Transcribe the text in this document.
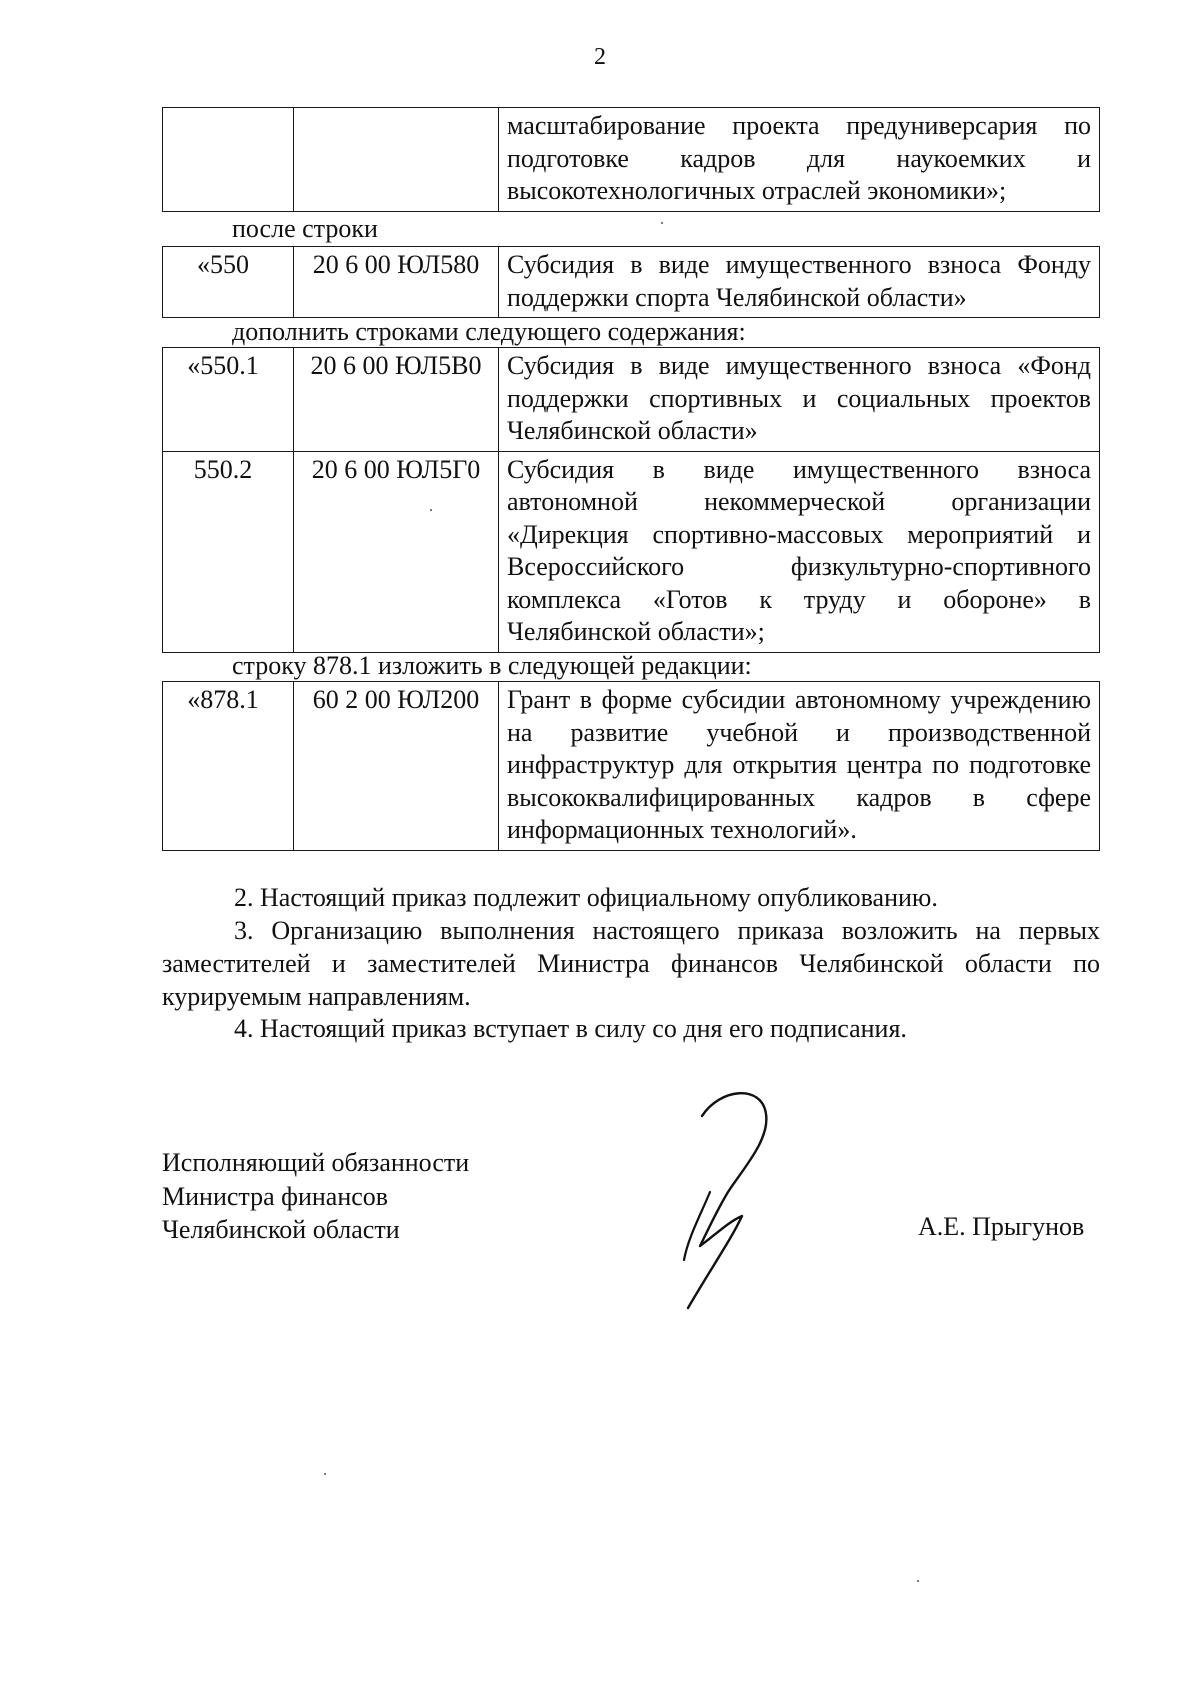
2
		масштабирование проекта предуниверсария по подготовке кадров для наукоемких и
высокотехнологичных отраслей экономики»;
после строки
«550	20 6 00 ЮЛ580	Субсидия в виде имущественного взноса Фонду
поддержки спорта Челябинской области»
дополнить строками следующего содержания:
«550.1	20 6 00 ЮЛ5В0	Субсидия в виде имущественного взноса «Фонд поддержки спортивных и социальных проектов
Челябинской области»

550.2	20 6 00 ЮЛ5Г0	Субсидия в виде имущественного взноса автономной некоммерческой организации «Дирекция спортивно-массовых мероприятий и Всероссийского физкультурно-спортивного комплекса «Готов к труду и обороне» в
Челябинской области»;
строку 878.1 изложить в следующей редакции:
«878.1	60 2 00 ЮЛ200	Грант в форме субсидии автономному учреждению на развитие учебной и производственной инфраструктур для открытия центра по подготовке высококвалифицированных кадров в сфере
информационных технологий».
2. Настоящий приказ подлежит официальному опубликованию.
3. Организацию выполнения настоящего приказа возложить на первых заместителей и заместителей Министра финансов Челябинской области по курируемым направлениям.
4. Настоящий приказ вступает в силу со дня его подписания.
Исполняющий обязанности
Министра финансов
Челябинской области	А.Е. Прыгунов
